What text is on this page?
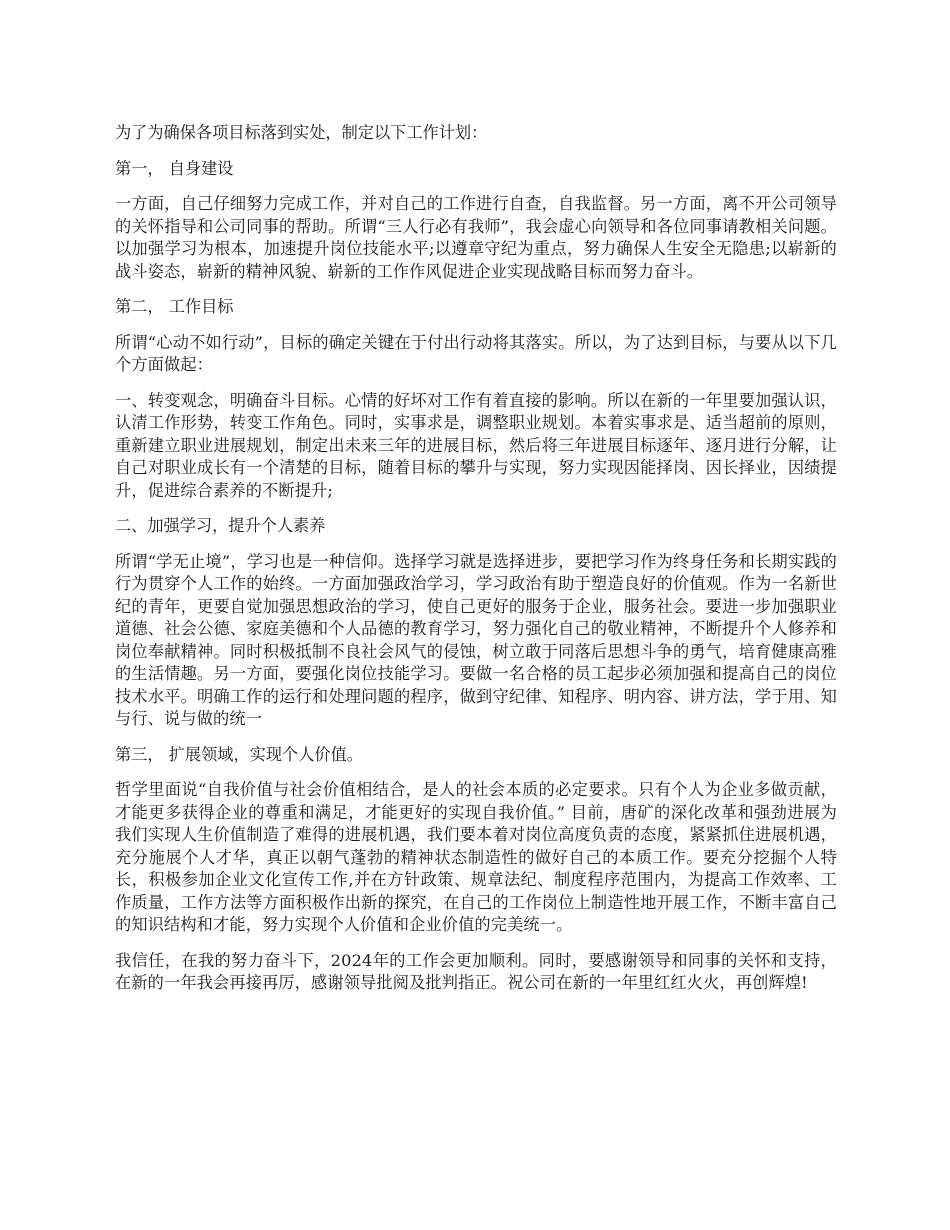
为了为确保各项目标落到实处，制定以下工作计划：

第一， 自身建设

一方面，自己仔细努力完成工作，并对自己的工作进行自查，自我监督。另一方面，离不开公司领导的关怀指导和公司同事的帮助。所谓“三人行必有我师”，我会虚心向领导和各位同事请教相关问题。以加强学习为根本，加速提升岗位技能水平;以遵章守纪为重点，努力确保人生安全无隐患;以崭新的战斗姿态，崭新的精神风貌、崭新的工作作风促进企业实现战略目标而努力奋斗。

第二， 工作目标

所谓“心动不如行动”，目标的确定关键在于付出行动将其落实。所以，为了达到目标，与要从以下几个方面做起：

一、转变观念，明确奋斗目标。心情的好坏对工作有着直接的影响。所以在新的一年里要加强认识，认清工作形势，转变工作角色。同时，实事求是，调整职业规划。本着实事求是、适当超前的原则，重新建立职业进展规划，制定出未来三年的进展目标，然后将三年进展目标逐年、逐月进行分解，让自己对职业成长有一个清楚的目标，随着目标的攀升与实现，努力实现因能择岗、因长择业，因绩提升，促进综合素养的不断提升;

二、加强学习，提升个人素养

所谓“学无止境”，学习也是一种信仰。选择学习就是选择进步，要把学习作为终身任务和长期实践的行为贯穿个人工作的始终。一方面加强政治学习，学习政治有助于塑造良好的价值观。作为一名新世纪的青年，更要自觉加强思想政治的学习，使自己更好的服务于企业，服务社会。要进一步加强职业道德、社会公德、家庭美德和个人品德的教育学习，努力强化自己的敬业精神，不断提升个人修养和岗位奉献精神。同时积极抵制不良社会风气的侵蚀，树立敢于同落后思想斗争的勇气，培育健康高雅的生活情趣。另一方面，要强化岗位技能学习。要做一名合格的员工起步必须加强和提高自己的岗位技术水平。明确工作的运行和处理问题的程序，做到守纪律、知程序、明内容、讲方法，学于用、知与行、说与做的统一

第三， 扩展领域，实现个人价值。

哲学里面说“自我价值与社会价值相结合，是人的社会本质的必定要求。只有个人为企业多做贡献，才能更多获得企业的尊重和满足，才能更好的实现自我价值。” 目前，唐矿的深化改革和强劲进展为我们实现人生价值制造了难得的进展机遇，我们要本着对岗位高度负责的态度，紧紧抓住进展机遇，充分施展个人才华，真正以朝气蓬勃的精神状态制造性的做好自己的本质工作。要充分挖掘个人特长，积极参加企业文化宣传工作,并在方针政策、规章法纪、制度程序范围内，为提高工作效率、工作质量，工作方法等方面积极作出新的探究，在自己的工作岗位上制造性地开展工作，不断丰富自己的知识结构和才能，努力实现个人价值和企业价值的完美统一。

我信任，在我的努力奋斗下，2024年的工作会更加顺利。同时，要感谢领导和同事的关怀和支持，在新的一年我会再接再厉，感谢领导批阅及批判指正。祝公司在新的一年里红红火火，再创辉煌!
